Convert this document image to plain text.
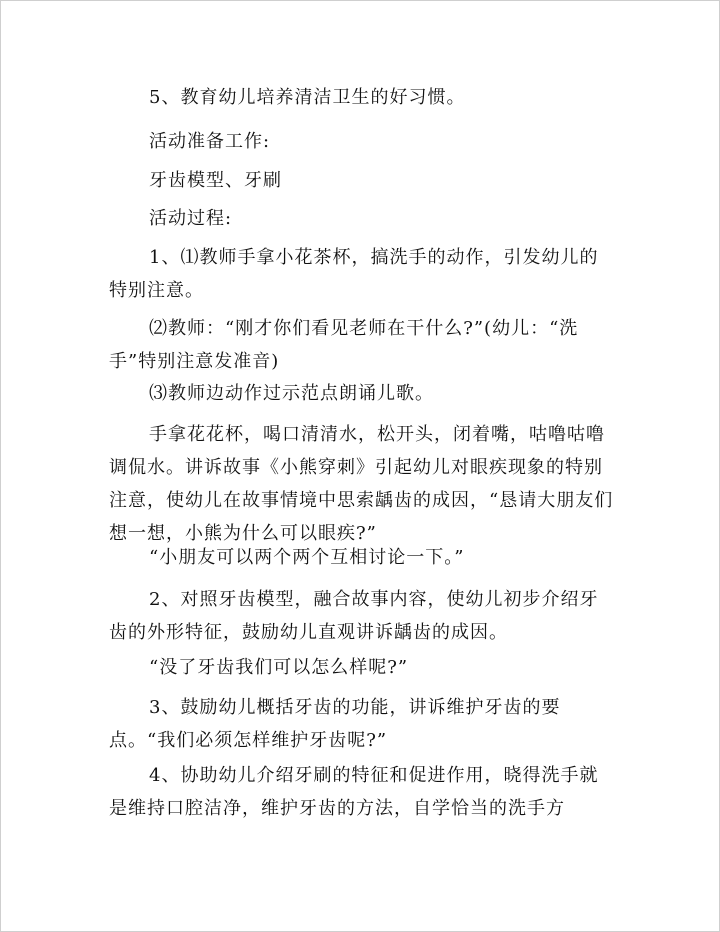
5、教育幼儿培养清洁卫生的好习惯。

活动准备工作:

牙齿模型、牙刷

活动过程:

1、⑴教师手拿小花茶杯，搞洗手的动作，引发幼儿的特别注意。

⑵教师：“刚才你们看见老师在干什么?”(幼儿：“洗手”特别注意发准音)

⑶教师边动作过示范点朗诵儿歌。

手拿花花杯，喝口清清水，松开头，闭着嘴，咕噜咕噜调侃水。讲诉故事《小熊穿刺》引起幼儿对眼疾现象的特别注意，使幼儿在故事情境中思索龋齿的成因，“恳请大朋友们想一想，小熊为什么可以眼疾?”

“小朋友可以两个两个互相讨论一下。”

2、对照牙齿模型，融合故事内容，使幼儿初步介绍牙齿的外形特征，鼓励幼儿直观讲诉龋齿的成因。

“没了牙齿我们可以怎么样呢?”

3、鼓励幼儿概括牙齿的功能，讲诉维护牙齿的要点。“我们必须怎样维护牙齿呢?”

4、协助幼儿介绍牙刷的特征和促进作用，晓得洗手就是维持口腔洁净，维护牙齿的方法，自学恰当的洗手方
